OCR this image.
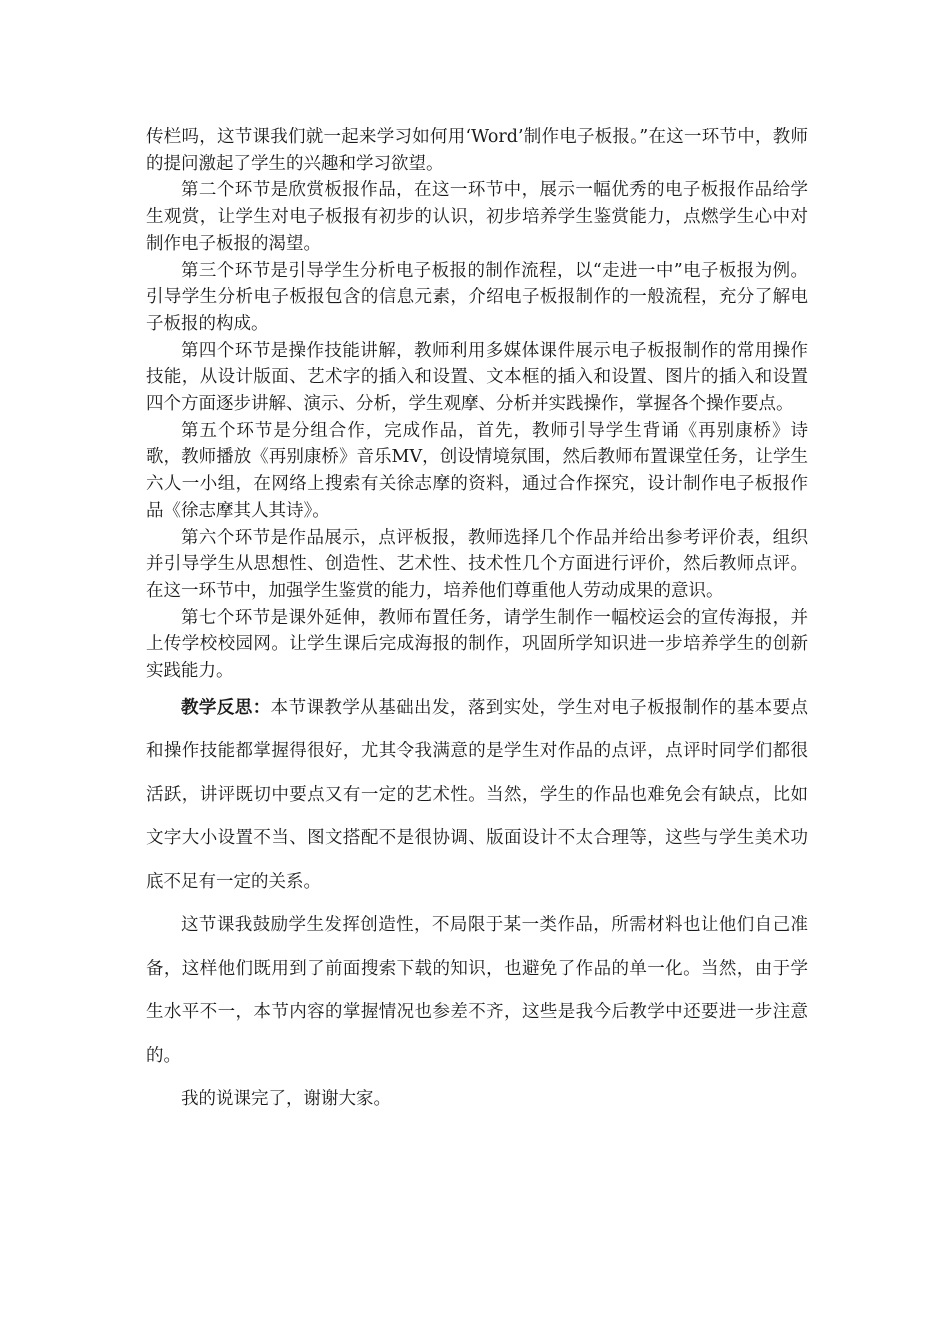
传栏吗，这节课我们就一起来学习如何用‘Word’制作电子板报。”在这一环节中，教师的提问激起了学生的兴趣和学习欲望。

第二个环节是欣赏板报作品，在这一环节中，展示一幅优秀的电子板报作品给学生观赏，让学生对电子板报有初步的认识，初步培养学生鉴赏能力，点燃学生心中对制作电子板报的渴望。

第三个环节是引导学生分析电子板报的制作流程，以“走进一中”电子板报为例。引导学生分析电子板报包含的信息元素，介绍电子板报制作的一般流程，充分了解电子板报的构成。

第四个环节是操作技能讲解，教师利用多媒体课件展示电子板报制作的常用操作技能，从设计版面、艺术字的插入和设置、文本框的插入和设置、图片的插入和设置四个方面逐步讲解、演示、分析，学生观摩、分析并实践操作，掌握各个操作要点。

第五个环节是分组合作，完成作品，首先，教师引导学生背诵《再别康桥》诗歌，教师播放《再别康桥》音乐MV，创设情境氛围，然后教师布置课堂任务，让学生六人一小组，在网络上搜索有关徐志摩的资料，通过合作探究，设计制作电子板报作品《徐志摩其人其诗》。

第六个环节是作品展示，点评板报，教师选择几个作品并给出参考评价表，组织并引导学生从思想性、创造性、艺术性、技术性几个方面进行评价，然后教师点评。在这一环节中，加强学生鉴赏的能力，培养他们尊重他人劳动成果的意识。

第七个环节是课外延伸，教师布置任务，请学生制作一幅校运会的宣传海报，并上传学校校园网。让学生课后完成海报的制作，巩固所学知识进一步培养学生的创新实践能力。

教学反思：本节课教学从基础出发，落到实处，学生对电子板报制作的基本要点和操作技能都掌握得很好，尤其令我满意的是学生对作品的点评，点评时同学们都很活跃，讲评既切中要点又有一定的艺术性。当然，学生的作品也难免会有缺点，比如文字大小设置不当、图文搭配不是很协调、版面设计不太合理等，这些与学生美术功底不足有一定的关系。

这节课我鼓励学生发挥创造性，不局限于某一类作品，所需材料也让他们自己准备，这样他们既用到了前面搜索下载的知识，也避免了作品的单一化。当然，由于学生水平不一，本节内容的掌握情况也参差不齐，这些是我今后教学中还要进一步注意的。

我的说课完了，谢谢大家。
